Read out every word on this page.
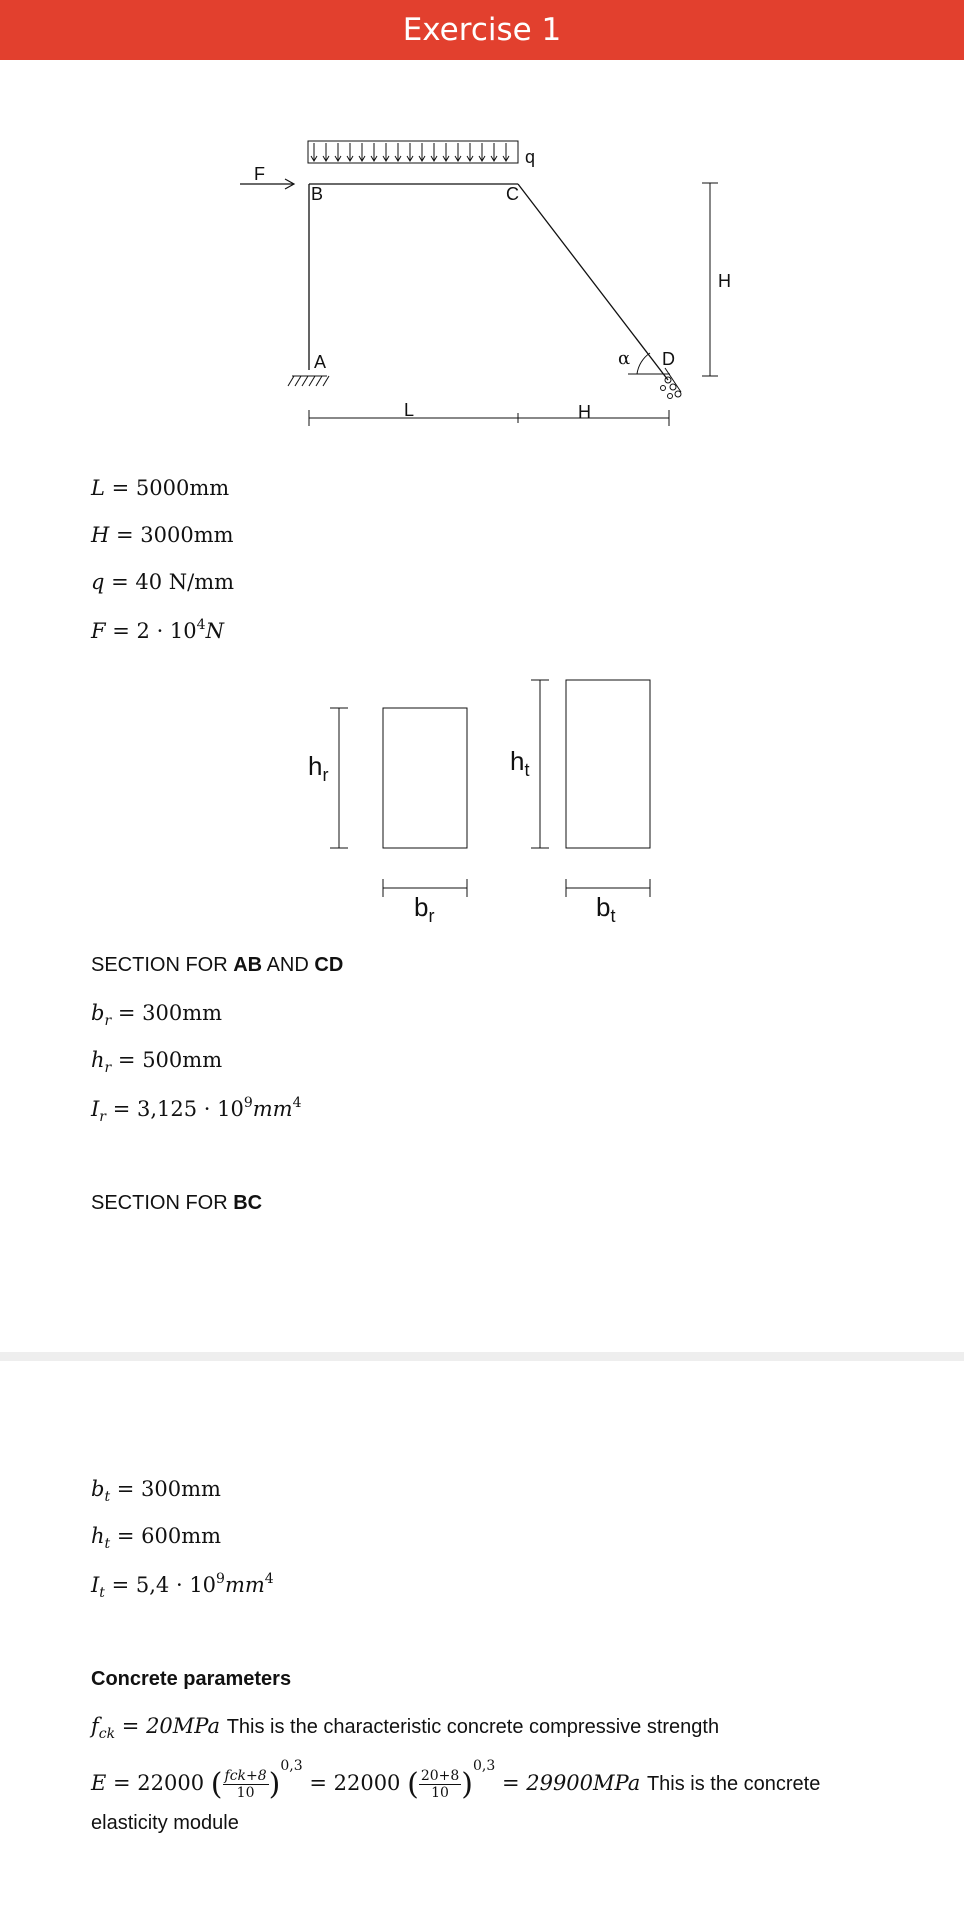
Exercise 1
q
F
B	C
A	D
α
H
L	H
$h_r$
$b_r$
$h_t$
$b_t$
L = 5000mm
H = 3000mm
q = 40 N/mm
$F = 2 \cdot 10^4N$
SECTION FOR AB AND CD
$b_r = 300mm$
$h_r = 500mm$
$I_r = 3,125 \cdot 10^9mm^4$
SECTION FOR BC
$b_t = 300mm$
$h_t = 600mm$
$I_t = 5,4 \cdot 10^9mm^4$
Concrete parameters
$f_{ck} = 20MPa$ This is the characteristic concrete compressive strength
E = 22000 ( $\frac{\text{fck+8}}{10} )^{0,3} = 22000$ ( $\frac{20+8}{10} )^{0,3} = 29900MPa$ This is the concrete
elasticity module
